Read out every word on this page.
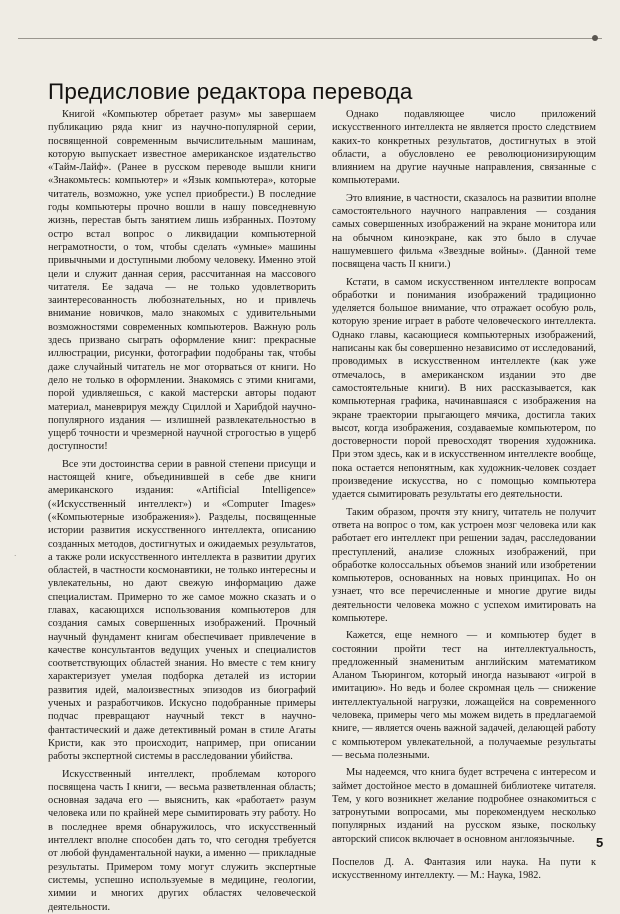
Предисловие редактора перевода

Книгой «Компьютер обретает разум» мы завершаем публикацию ряда книг из научно-популярной серии, посвященной современным вычислительным машинам, которую выпускает известное американское издательство «Тайм-Лайф». (Ранее в русском переводе вышли книги «Знакомьтесь: компьютер» и «Язык компьютера», которые читатель, возможно, уже успел приобрести.) В последние годы компьютеры прочно вошли в нашу повседневную жизнь, перестав быть занятием лишь избранных. Поэтому остро встал вопрос о ликвидации компьютерной неграмотности, о том, чтобы сделать «умные» машины привычными и доступными любому человеку. Именно этой цели и служит данная серия, рассчитанная на массового читателя. Ее задача — не только удовлетворить заинтересованность любознательных, но и привлечь внимание новичков, мало знакомых с удивительными возможностями современных компьютеров. Важную роль здесь призвано сыграть оформление книг: прекрасные иллюстрации, рисунки, фотографии подобраны так, чтобы даже случайный читатель не мог оторваться от книги. Но дело не только в оформлении. Знакомясь с этими книгами, порой удивляешься, с какой мастерски авторы подают материал, маневрируя между Сциллой и Харибдой научно-популярного издания — излишней развлекательностью в ущерб точности и чрезмерной научной строгостью в ущерб доступности!

Все эти достоинства серии в равной степени присущи и настоящей книге, объединившей в себе две книги американского издания: «Artificial Intelligence» («Искусственный интеллект») и «Computer Images» («Компьютерные изображения»). Разделы, посвященные истории развития искусственного интеллекта, описанию созданных методов, достигнутых и ожидаемых результатов, а также роли искусственного интеллекта в развитии других областей, в частности космонавтики, не только интересны и увлекательны, но дают свежую информацию даже специалистам. Примерно то же самое можно сказать и о главах, касающихся использования компьютеров для создания самых совершенных изображений. Прочный научный фундамент книгам обеспечивает привлечение в качестве консультантов ведущих ученых и специалистов соответствующих областей знания. Но вместе с тем книгу характеризует умелая подборка деталей из истории развития идей, малоизвестных эпизодов из биографий ученых и разработчиков. Искусно подобранные примеры подчас превращают научный текст в научно-фантастический и даже детективный роман в стиле Агаты Кристи, как это происходит, например, при описании работы экспертной системы в расследовании убийства.

Искусственный интеллект, проблемам которого посвящена часть I книги, — весьма разветвленная область; основная задача его — выяснить, как «работает» разум человека или по крайней мере сымитировать эту работу. Но в последнее время обнаружилось, что искусственный интеллект вполне способен дать то, что сегодня требуется от любой фундаментальной науки, а именно — прикладные результаты. Примером тому могут служить экспертные системы, успешно используемые в медицине, геологии, химии и многих других областях человеческой деятельности.

Однако подавляющее число приложений искусственного интеллекта не является просто следствием каких-то конкретных результатов, достигнутых в этой области, а обусловлено ее революционизирующим влиянием на другие научные направления, связанные с компьютерами.

Это влияние, в частности, сказалось на развитии вполне самостоятельного научного направления — создания самых совершенных изображений на экране монитора или на обычном киноэкране, как это было в случае нашумевшего фильма «Звездные войны». (Данной теме посвящена часть II книги.)

Кстати, в самом искусственном интеллекте вопросам обработки и понимания изображений традиционно уделяется большое внимание, что отражает особую роль, которую зрение играет в работе человеческого интеллекта. Однако главы, касающиеся компьютерных изображений, написаны как бы совершенно независимо от исследований, проводимых в искусственном интеллекте (как уже отмечалось, в американском издании это две самостоятельные книги). В них рассказывается, как компьютерная графика, начинавшаяся с изображения на экране траектории прыгающего мячика, достигла таких высот, когда изображения, создаваемые компьютером, по достоверности порой превосходят творения художника. При этом здесь, как и в искусственном интеллекте вообще, пока остается непонятным, как художник-человек создает произведение искусства, но с помощью компьютера удается сымитировать результаты его деятельности.

Таким образом, прочтя эту книгу, читатель не получит ответа на вопрос о том, как устроен мозг человека или как работает его интеллект при решении задач, расследовании преступлений, анализе сложных изображений, при обработке колоссальных объемов знаний или изобретении компьютеров, основанных на новых принципах. Но он узнает, что все перечисленные и многие другие виды деятельности человека можно с успехом имитировать на компьютере.

Кажется, еще немного — и компьютер будет в состоянии пройти тест на интеллектуальность, предложенный знаменитым английским математиком Аланом Тьюрингом, который иногда называют «игрой в имитацию». Но ведь и более скромная цель — снижение интеллектуальной нагрузки, ложащейся на современного человека, примеры чего мы можем видеть в предлагаемой книге, — является очень важной задачей, делающей работу с компьютером увлекательной, а получаемые результаты — весьма полезными.

Мы надеемся, что книга будет встречена с интересом и займет достойное место в домашней библиотеке читателя. Тем, у кого возникнет желание подробнее ознакомиться с затронутыми вопросами, мы порекомендуем несколько популярных изданий на русском языке, поскольку авторский список включает в основном англоязычные.

Поспелов Д. А. Фантазия или наука. На пути к искусственному интеллекту. — М.: Наука, 1982.

·
5
